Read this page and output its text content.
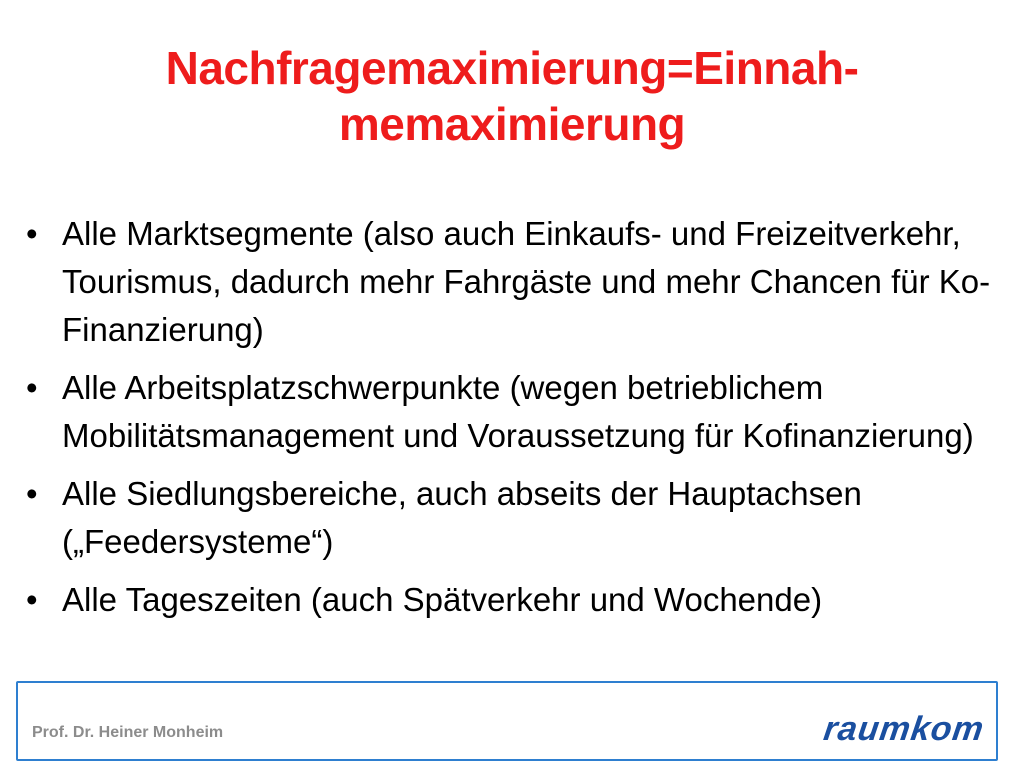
Nachfragemaximierung=Einnah-
memaximierung
• Alle Marktsegmente (also auch Einkaufs- und Freizeitverkehr, Tourismus, dadurch mehr Fahrgäste und mehr Chancen für Ko-Finanzierung)
• Alle Arbeitsplatzschwerpunkte (wegen betrieblichem Mobilitätsmanagement und Voraussetzung für Kofinanzierung)
• Alle Siedlungsbereiche, auch abseits der Hauptachsen („Feedersysteme“)
• Alle Tageszeiten (auch Spätverkehr und Wochende)
Prof. Dr. Heiner Monheim	raumkom
